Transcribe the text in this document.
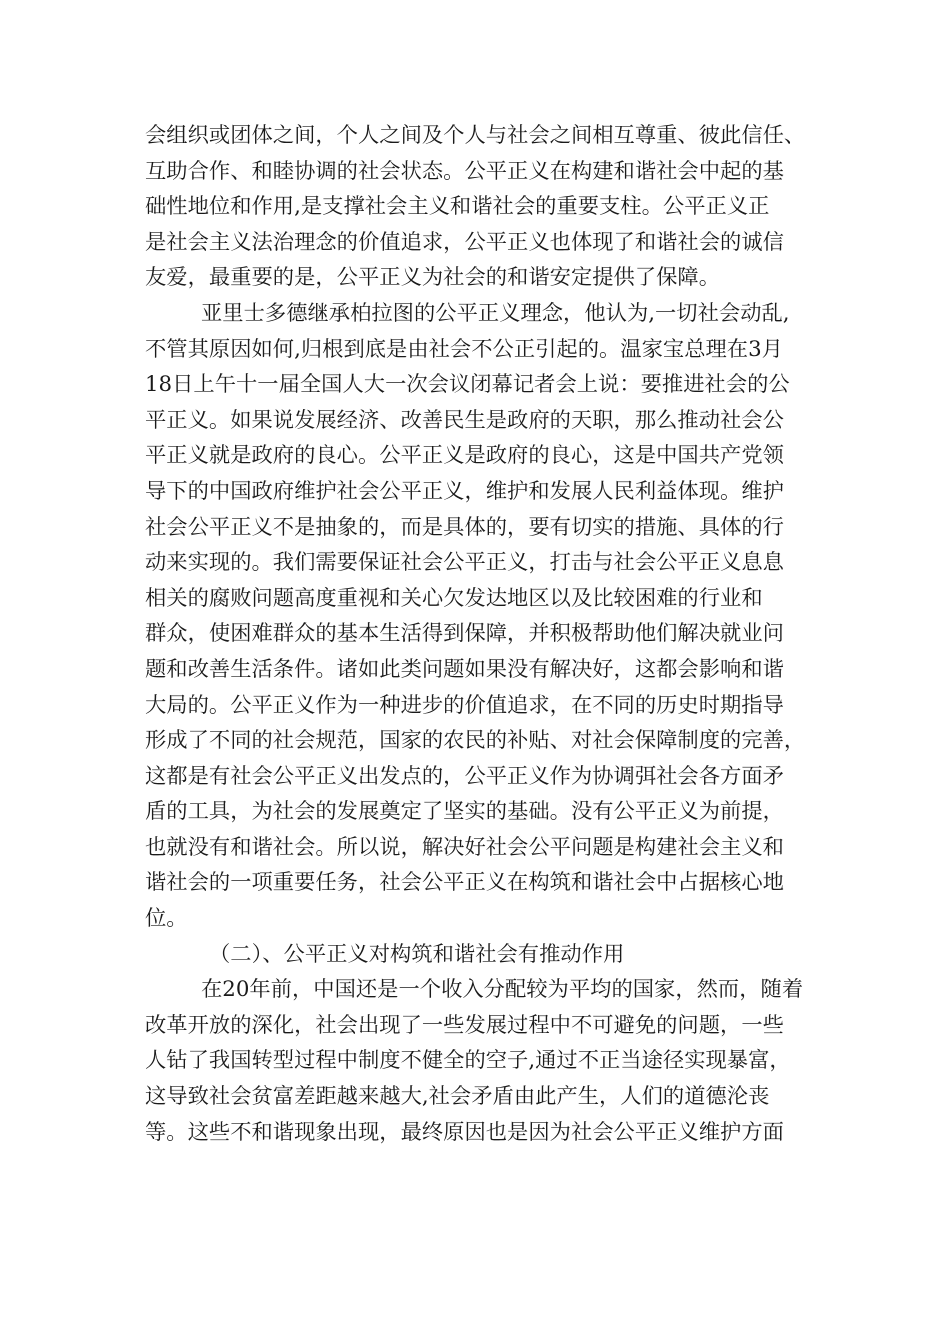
会组织或团体之间，个人之间及个人与社会之间相互尊重、彼此信任、
互助合作、和睦协调的社会状态。公平正义在构建和谐社会中起的基
础性地位和作用,是支撑社会主义和谐社会的重要支柱。公平正义正
是社会主义法治理念的价值追求，公平正义也体现了和谐社会的诚信
友爱，最重要的是，公平正义为社会的和谐安定提供了保障。
亚里士多德继承柏拉图的公平正义理念，他认为,一切社会动乱,
不管其原因如何,归根到底是由社会不公正引起的。温家宝总理在3月
18日上午十一届全国人大一次会议闭幕记者会上说：要推进社会的公
平正义。如果说发展经济、改善民生是政府的天职，那么推动社会公
平正义就是政府的良心。公平正义是政府的良心，这是中国共产党领
导下的中国政府维护社会公平正义，维护和发展人民利益体现。维护
社会公平正义不是抽象的，而是具体的，要有切实的措施、具体的行
动来实现的。我们需要保证社会公平正义，打击与社会公平正义息息
相关的腐败问题高度重视和关心欠发达地区以及比较困难的行业和
群众，使困难群众的基本生活得到保障，并积极帮助他们解决就业问
题和改善生活条件。诸如此类问题如果没有解决好，这都会影响和谐
大局的。公平正义作为一种进步的价值追求，在不同的历史时期指导
形成了不同的社会规范，国家的农民的补贴、对社会保障制度的完善，
这都是有社会公平正义出发点的，公平正义作为协调弭社会各方面矛
盾的工具，为社会的发展奠定了坚实的基础。没有公平正义为前提，
也就没有和谐社会。所以说，解决好社会公平问题是构建社会主义和
谐社会的一项重要任务，社会公平正义在构筑和谐社会中占据核心地
位。
（二）、公平正义对构筑和谐社会有推动作用
在20年前，中国还是一个收入分配较为平均的国家，然而，随着
改革开放的深化，社会出现了一些发展过程中不可避免的问题，一些
人钻了我国转型过程中制度不健全的空子,通过不正当途径实现暴富，
这导致社会贫富差距越来越大,社会矛盾由此产生，人们的道德沦丧
等。这些不和谐现象出现，最终原因也是因为社会公平正义维护方面
